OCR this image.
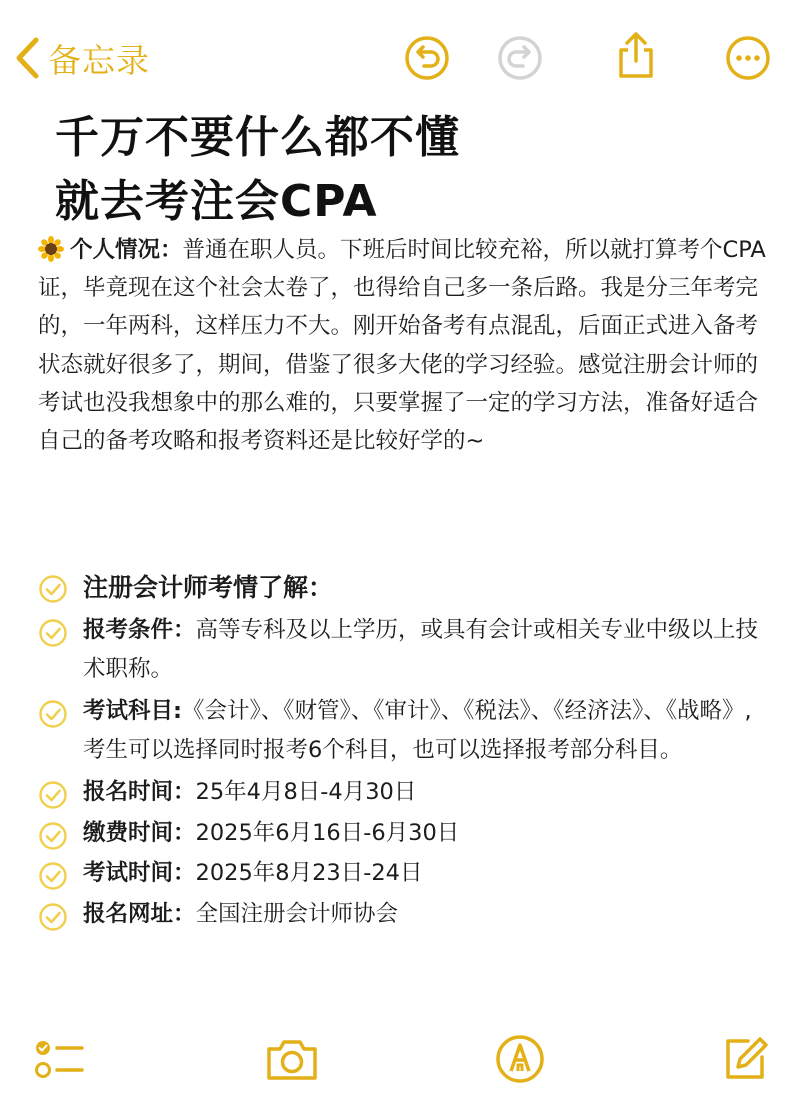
备忘录
千万不要什么都不懂
就去考注会CPA

个人情况：普通在职人员。下班后时间比较充裕，所以就打算考个CPA证，毕竟现在这个社会太卷了，也得给自己多一条后路。我是分三年考完的，一年两科，这样压力不大。刚开始备考有点混乱，后面正式进入备考状态就好很多了，期间，借鉴了很多大佬的学习经验。感觉注册会计师的考试也没我想象中的那么难的，只要掌握了一定的学习方法，准备好适合自己的备考攻略和报考资料还是比较好学的~

注册会计师考情了解：
报考条件：高等专科及以上学历，或具有会计或相关专业中级以上技术职称。
考试科目:《会计》、《财管》、《审计》、《税法》、《经济法》、《战略》,考生可以选择同时报考6个科目，也可以选择报考部分科目。
报名时间：25年4月8日-4月30日
缴费时间：2025年6月16日-6月30日
考试时间：2025年8月23日-24日
报名网址：全国注册会计师协会
